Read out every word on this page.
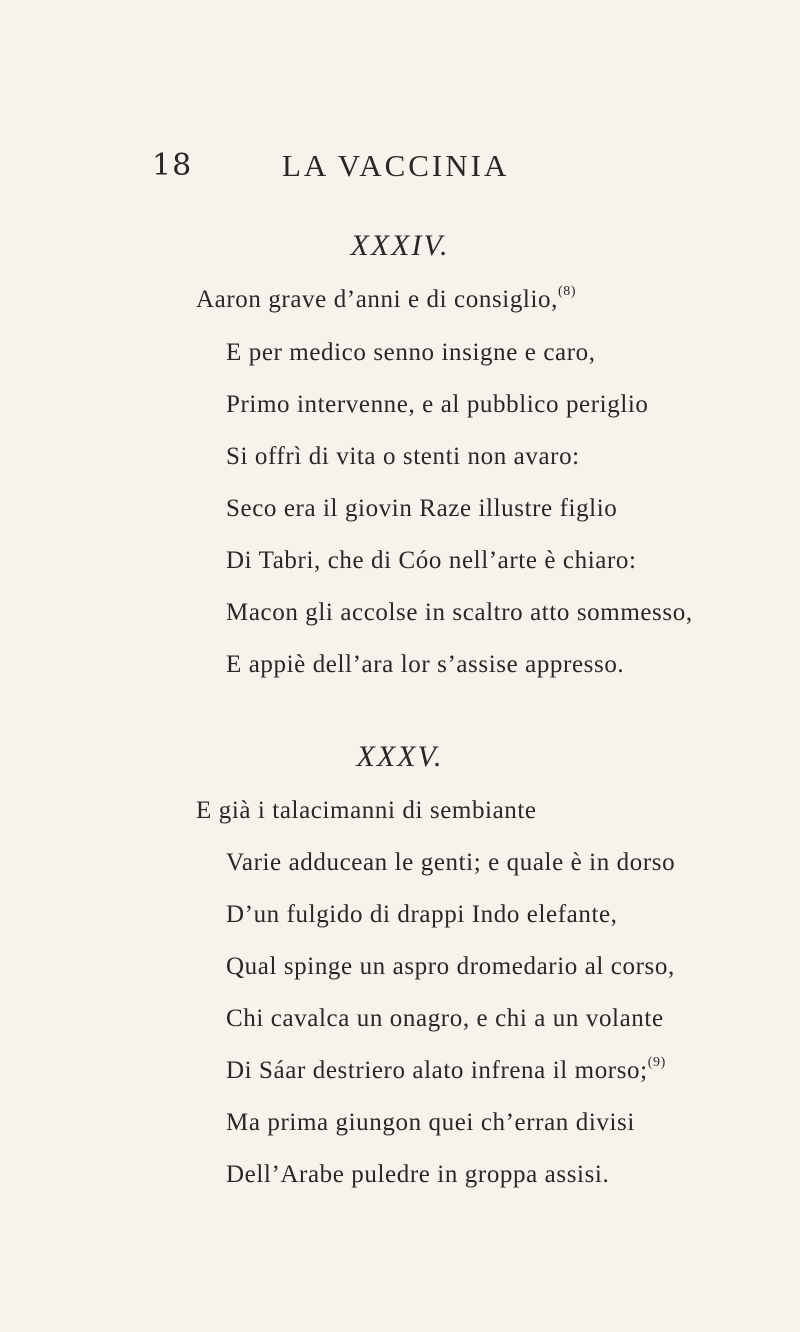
18	LA VACCINIA
XXXIV.
Aaron grave d’anni e di consiglio,$^{(8)}$
E per medico senno insigne e caro,
Primo intervenne, e al pubblico periglio
Si offrì di vita o stenti non avaro:
Seco era il giovin Raze illustre figlio
Di Tabri, che di Cóo nell’arte è chiaro:
Macon gli accolse in scaltro atto sommesso,
E appiè dell’ara lor s’assise appresso.
XXXV.
E già i talacimanni di sembiante
Varie adducean le genti; e quale è in dorso
D’un fulgido di drappi Indo elefante,
Qual spinge un aspro dromedario al corso,
Chi cavalca un onagro, e chi a un volante
Di Sáar destriero alato infrena il morso;$^{(9)}$
Ma prima giungon quei ch’erran divisi
Dell’Arabe puledre in groppa assisi.
